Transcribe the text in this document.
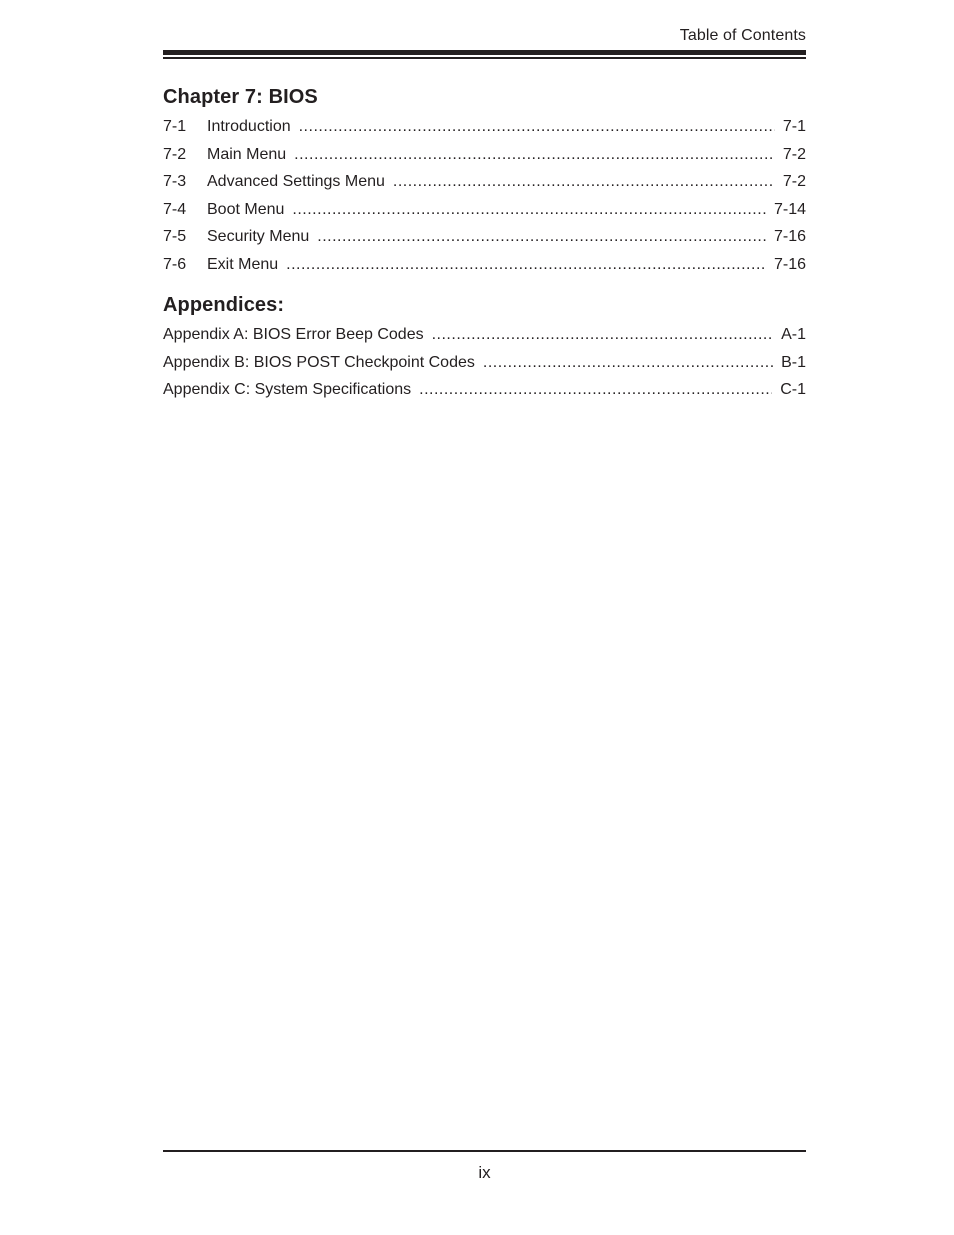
Table of Contents
Chapter 7: BIOS
7-1	Introduction .....	7-1
7-2	Main Menu .....	7-2
7-3	Advanced Settings Menu .....	7-2
7-4	Boot Menu .....	7-14
7-5	Security Menu .....	7-16
7-6	Exit Menu .....	7-16
Appendices:
Appendix A: BIOS Error Beep Codes .....	A-1
Appendix B: BIOS POST Checkpoint Codes .....	B-1
Appendix C: System Specifications .....	C-1
ix
